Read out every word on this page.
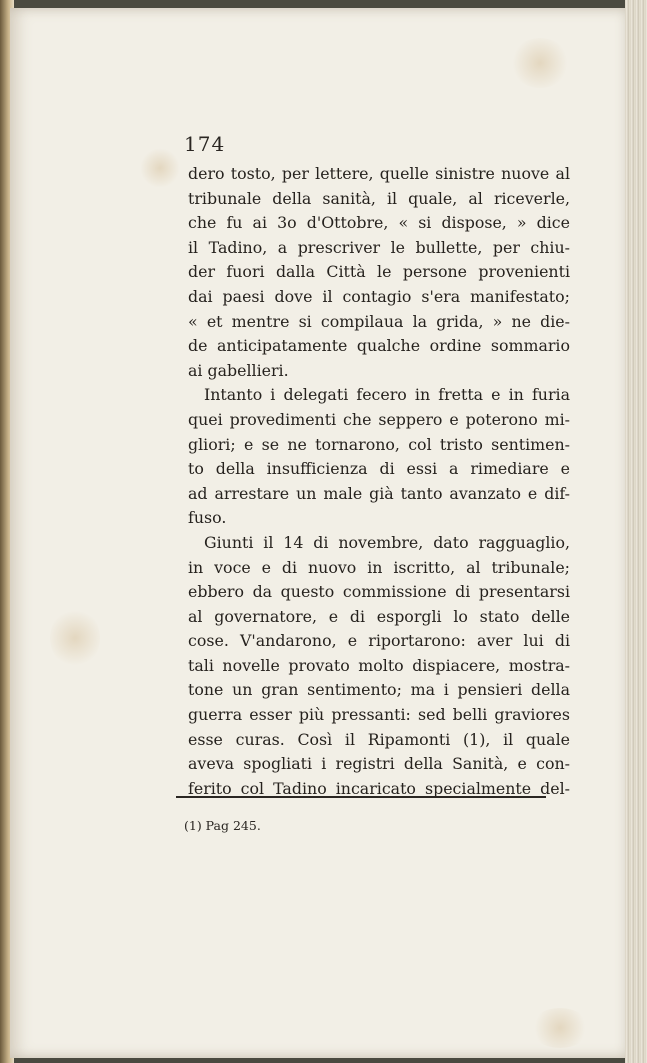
174
dero tosto, per lettere, quelle sinistre nuove al
tribunale della sanità, il quale, al riceverle,
che fu ai 3o d'Ottobre, « si dispose, » dice
il Tadino, a prescriver le bullette, per chiu-
der fuori dalla Città le persone provenienti
dai paesi dove il contagio s'era manifestato;
« et mentre si compilaua la grida, » ne die-
de anticipatamente qualche ordine sommario
ai gabellieri.
Intanto i delegati fecero in fretta e in furia
quei provedimenti che seppero e poterono mi-
gliori; e se ne tornarono, col tristo sentimen-
to della insufficienza di essi a rimediare e
ad arrestare un male già tanto avanzato e dif-
fuso.
Giunti il 14 di novembre, dato ragguaglio,
in voce e di nuovo in iscritto, al tribunale;
ebbero da questo commissione di presentarsi
al governatore, e di esporgli lo stato delle
cose. V'andarono, e riportarono: aver lui di
tali novelle provato molto dispiacere, mostra-
tone un gran sentimento; ma i pensieri della
guerra esser più pressanti: sed belli graviores
esse curas. Così il Ripamonti (1), il quale
aveva spogliati i registri della Sanità, e con-
ferito col Tadino incaricato specialmente del-
(1) Pag 245.
